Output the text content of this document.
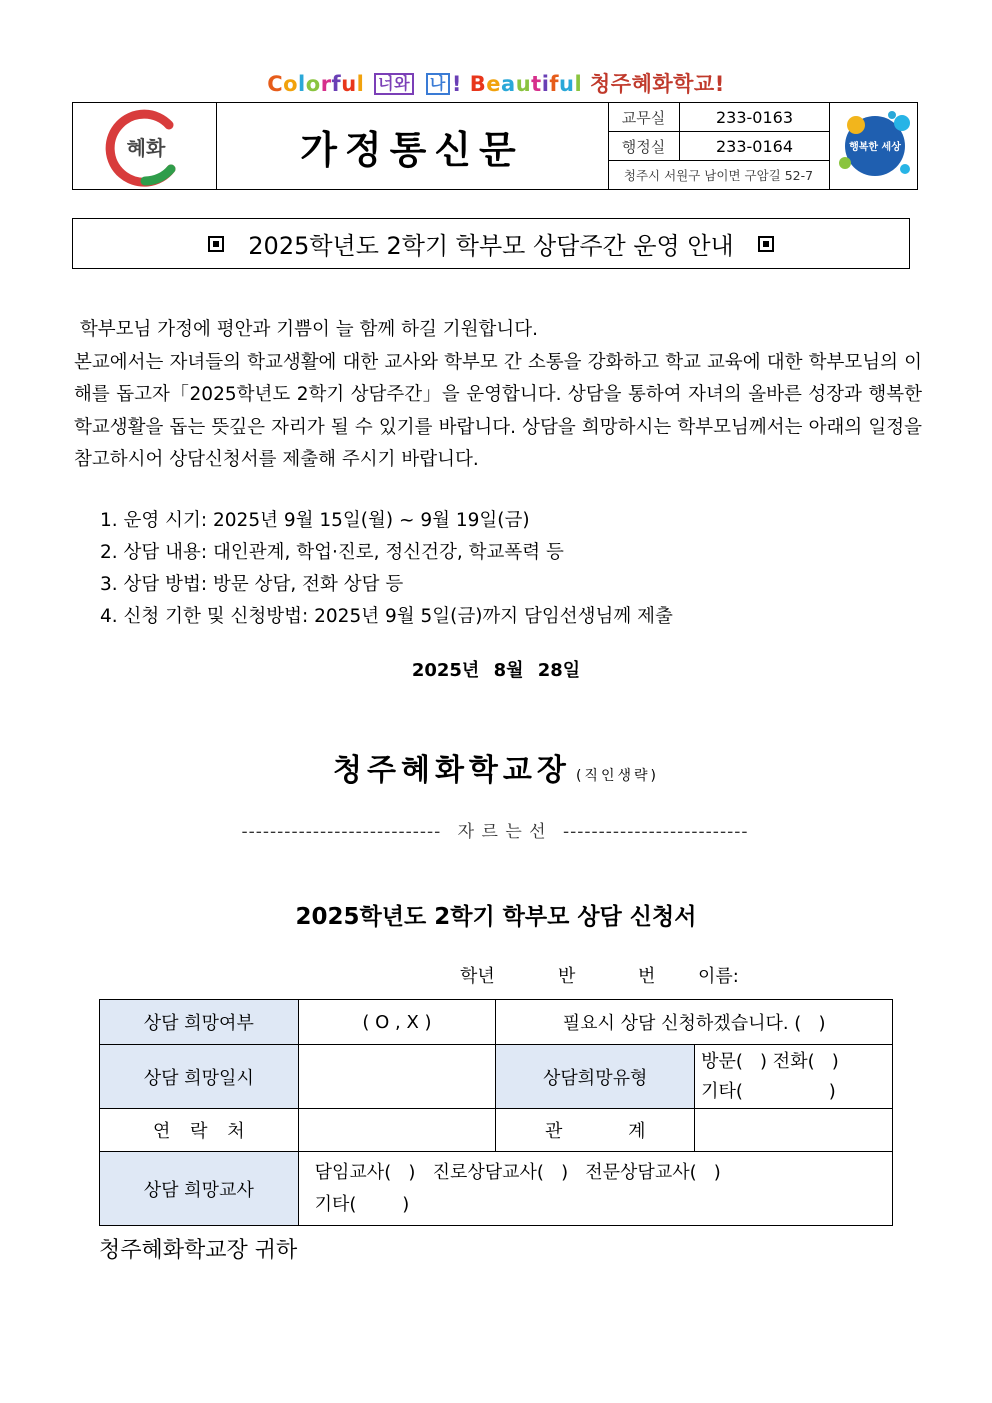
Colorful 너와 나 ! Beautiful 청주혜화학교!
혜화	가정통신문
교무실	233-0163
행정실	233-0164
청주시 서원구 남이면 구암길 52-7
행복한 세상
2025학년도 2학기 학부모 상담주간 운영 안내

학부모님 가정에 평안과 기쁨이 늘 함께 하길 기원합니다.

본교에서는 자녀들의 학교생활에 대한 교사와 학부모 간 소통을 강화하고 학교 교육에 대한 학부모님의 이해를 돕고자「2025학년도 2학기 상담주간」을 운영합니다. 상담을 통하여 자녀의 올바른 성장과 행복한 학교생활을 돕는 뜻깊은 자리가 될 수 있기를 바랍니다. 상담을 희망하시는 학부모님께서는 아래의 일정을 참고하시어 상담신청서를 제출해 주시기 바랍니다.

1. 운영 시기: 2025년 9월 15일(월) ~ 9월 19일(금)
2. 상담 내용: 대인관계, 학업·진로, 정신건강, 학교폭력 등
3. 상담 방법: 방문 상담, 전화 상담 등
4. 신청 기한 및 신청방법: 2025년 9월 5일(금)까지 담임선생님께 제출
2025년 8월 28일
청주혜화학교장 (직인생략)
---------------------------- 자 르 는 선 --------------------------
2025학년도 2학기 학부모 상담 신청서
학년	반	번 이름:
상담 희망여부	( O , X )	필요시 상담 신청하겠습니다. (   )	
상담 희망일시		상담희망유형	방문(   ) 전화(   )
기타(               )

연 락 처		관 계	
상담 희망교사	담임교사(   )   진로상담교사(   )   전문상담교사(   )
기타(        )		
청주혜화학교장 귀하
